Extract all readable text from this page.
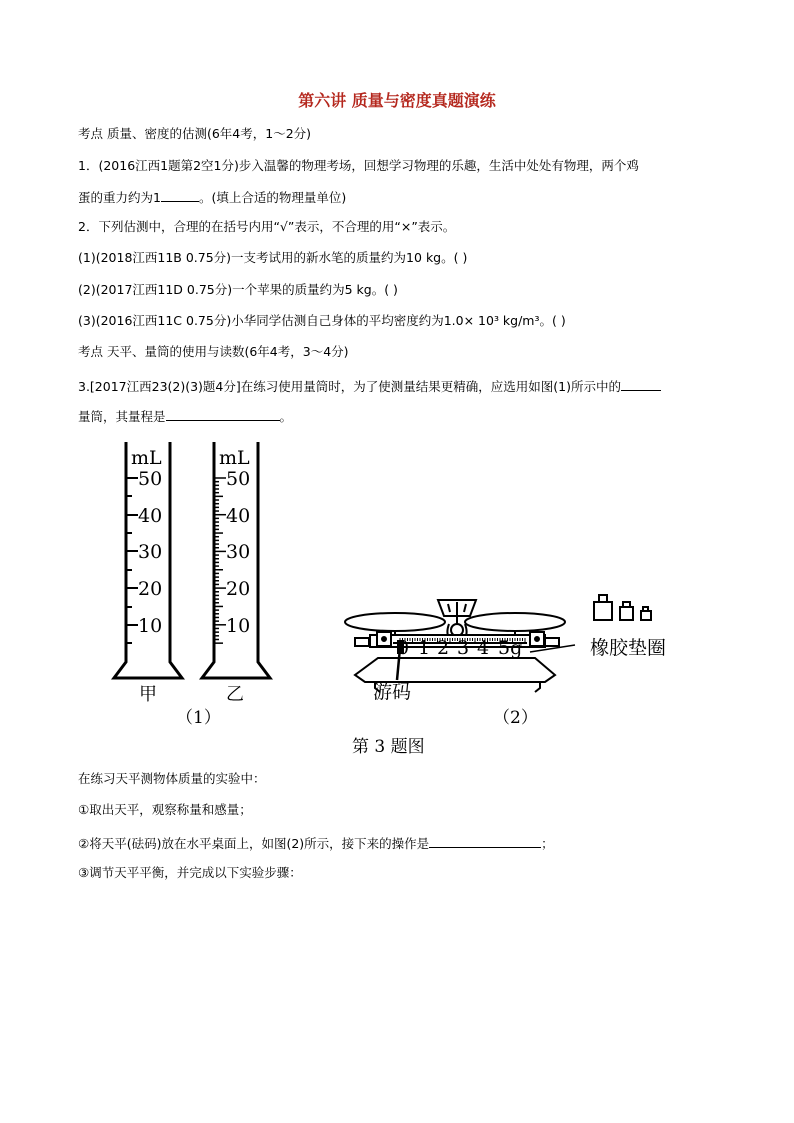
第六讲 质量与密度真题演练
考点 质量、密度的估测(6年4考，1～2分)
1．(2016江西1题第2空1分)步入温馨的物理考场，回想学习物理的乐趣，生活中处处有物理，两个鸡
蛋的重力约为1	。(填上合适的物理量单位)
2．下列估测中，合理的在括号内用“√”表示，不合理的用“×”表示。
(1)(2018江西11B 0.75分)一支考试用的新水笔的质量约为10 kg。( )
(2)(2017江西11D 0.75分)一个苹果的质量约为5 kg。( )
(3)(2016江西11C 0.75分)小华同学估测自己身体的平均密度约为1.0× 10³ kg/m³。( )
考点 天平、量筒的使用与读数(6年4考，3～4分)
3.[2017江西23(2)(3)题4分]在练习使用量筒时，为了使测量结果更精确，应选用如图(1)所示中的
量筒，其量程是	。
mL
50
40
30
20
10
甲
mL
50
40
30
20
10
乙
（1）
0 1 2 3 4 5g	橡胶垫圈
游码
（2）
第 3 题图
在练习天平测物体质量的实验中：
①取出天平，观察称量和感量；
②将天平(砝码)放在水平桌面上，如图(2)所示，接下来的操作是	；
③调节天平平衡，并完成以下实验步骤：
